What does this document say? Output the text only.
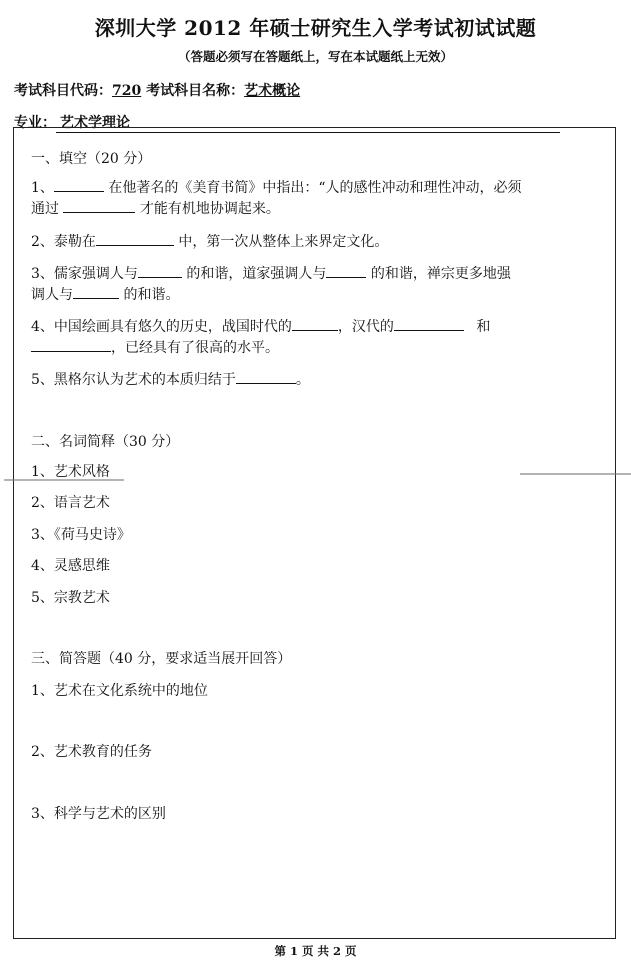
深圳大学 2012 年硕士研究生入学考试初试试题
（答题必须写在答题纸上，写在本试题纸上无效）
考试科目代码：720 考试科目名称：艺术概论
专业： 艺术学理论
一、填空（20 分）
1、	在他著名的《美育书简》中指出：“人的感性冲动和理性冲动，必须
通过	才能有机地协调起来。
2、泰勒在	中，第一次从整体上来界定文化。
3、儒家强调人与	的和谐，道家强调人与	的和谐，禅宗更多地强
调人与	的和谐。
4、中国绘画具有悠久的历史，战国时代的	，汉代的	和
，已经具有了很高的水平。
5、黑格尔认为艺术的本质归结于	。
二、名词简释（30 分）
1、艺术风格
2、语言艺术
3、《荷马史诗》
4、灵感思维
5、宗教艺术
三、简答题（40 分，要求适当展开回答）
1、艺术在文化系统中的地位
2、艺术教育的任务
3、科学与艺术的区别
第 1 页 共 2 页
